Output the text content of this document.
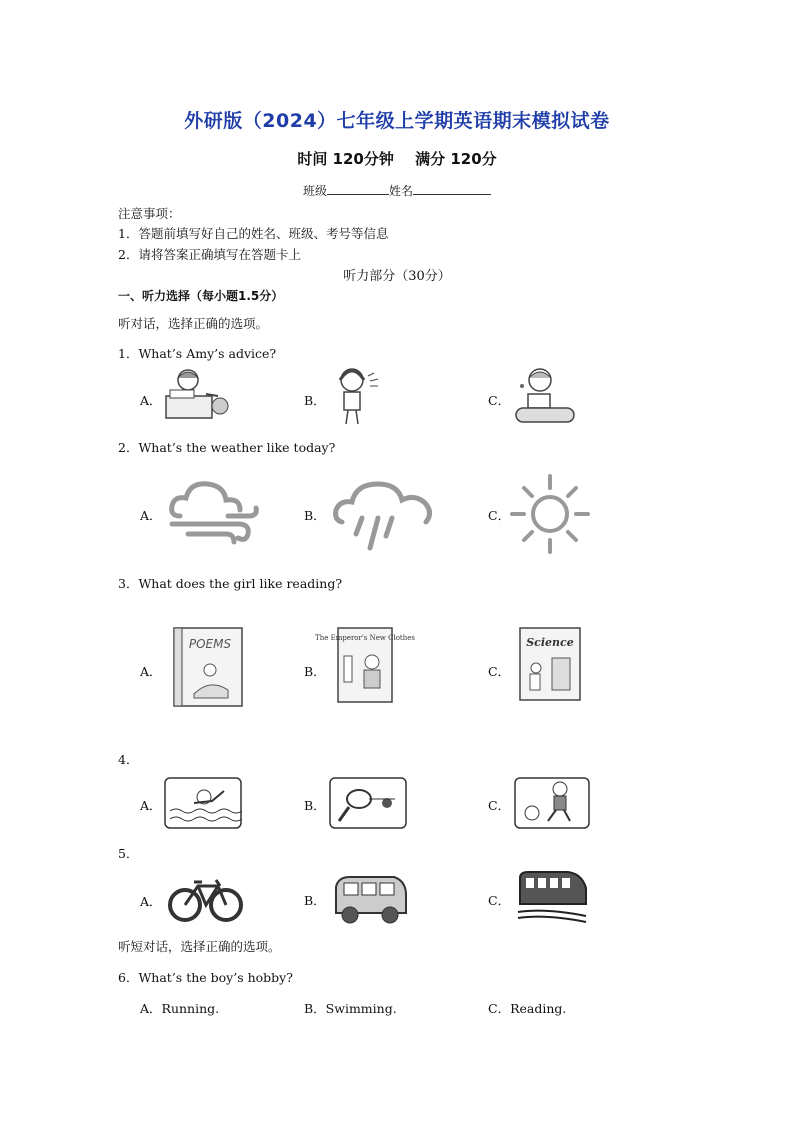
外研版（2024）七年级上学期英语期末模拟试卷
时间 120分钟 满分 120分
班级	姓名
注意事项：
1．答题前填写好自己的姓名、班级、考号等信息
2．请将答案正确填写在答题卡上
听力部分（30分）
一、听力选择（每小题1.5分）
听对话，选择正确的选项。
1．What’s Amy’s advice?
A．	B．	C．
2．What’s the weather like today?
A．	B．	C．
3．What does the girl like reading?
A．	B．	C．
POEMS	The Emperor's New Clothes	Science
4．
A．	B．	C．
5．
A．	B．	C．
听短对话，选择正确的选项。
6．What’s the boy’s hobby?
A．Running.	B．Swimming.	C．Reading.
